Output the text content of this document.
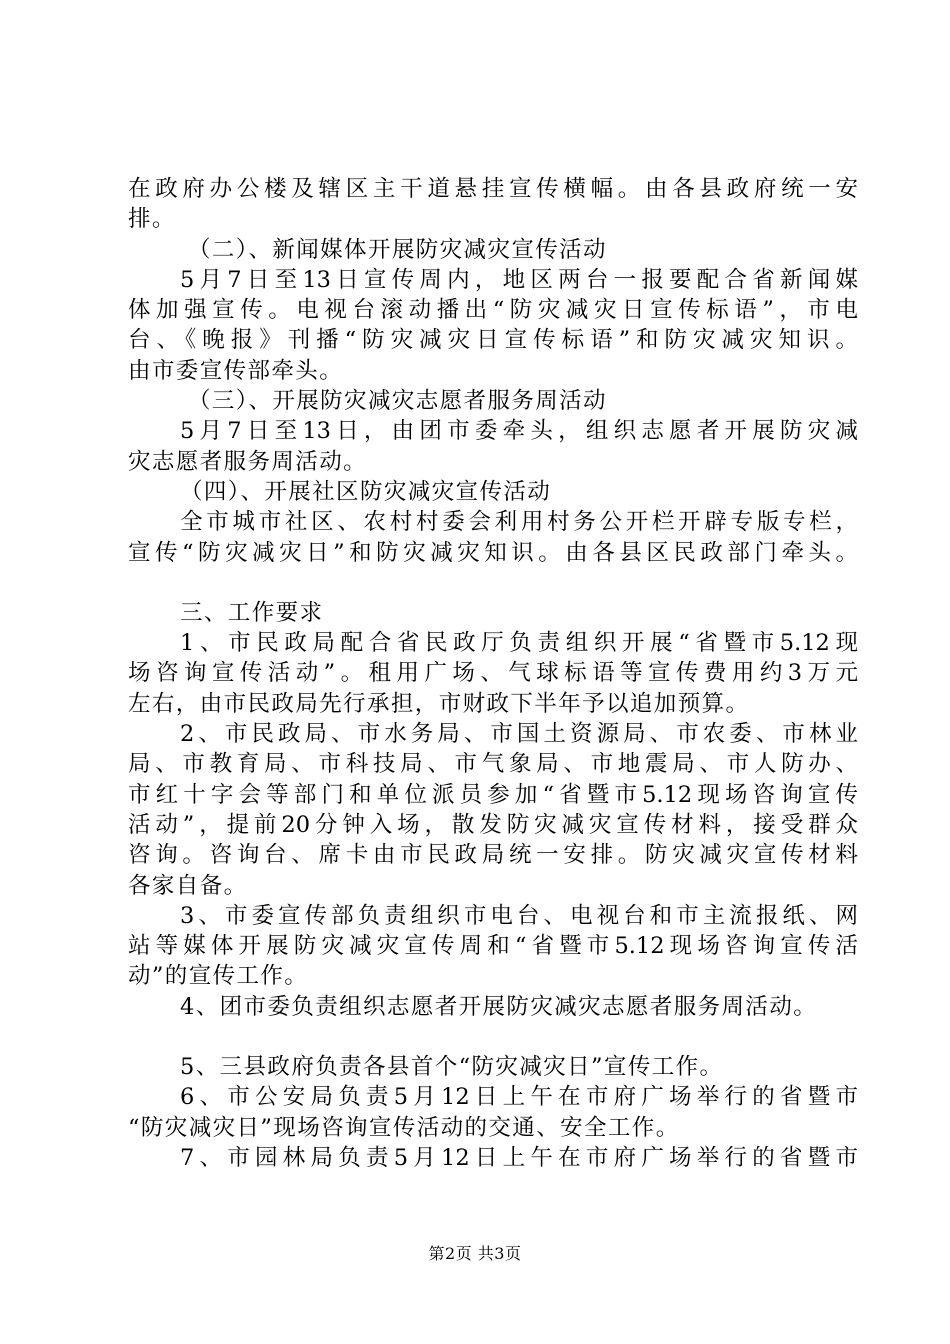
在政府办公楼及辖区主干道悬挂宣传横幅。由各县政府统一安
排。
（二）、新闻媒体开展防灾减灾宣传活动
5月7日至13日宣传周内，地区两台一报要配合省新闻媒
体加强宣传。电视台滚动播出“防灾减灾日宣传标语”，市电
台、《晚报》刊播“防灾减灾日宣传标语”和防灾减灾知识。
由市委宣传部牵头。
（三）、开展防灾减灾志愿者服务周活动
5月7日至13日，由团市委牵头，组织志愿者开展防灾减
灾志愿者服务周活动。
（四）、开展社区防灾减灾宣传活动
全市城市社区、农村村委会利用村务公开栏开辟专版专栏，
宣传“防灾减灾日”和防灾减灾知识。由各县区民政部门牵头。
三、工作要求
1、市民政局配合省民政厅负责组织开展“省暨市5.12现
场咨询宣传活动”。租用广场、气球标语等宣传费用约3万元
左右，由市民政局先行承担，市财政下半年予以追加预算。
2、市民政局、市水务局、市国土资源局、市农委、市林业
局、市教育局、市科技局、市气象局、市地震局、市人防办、
市红十字会等部门和单位派员参加“省暨市5.12现场咨询宣传
活动”，提前20分钟入场，散发防灾减灾宣传材料，接受群众
咨询。咨询台、席卡由市民政局统一安排。防灾减灾宣传材料
各家自备。
3、市委宣传部负责组织市电台、电视台和市主流报纸、网
站等媒体开展防灾减灾宣传周和“省暨市5.12现场咨询宣传活
动”的宣传工作。
4、团市委负责组织志愿者开展防灾减灾志愿者服务周活动。
5、三县政府负责各县首个“防灾减灾日”宣传工作。
6、市公安局负责5月12日上午在市府广场举行的省暨市
“防灾减灾日”现场咨询宣传活动的交通、安全工作。
7、市园林局负责5月12日上午在市府广场举行的省暨市
第2页 共3页
